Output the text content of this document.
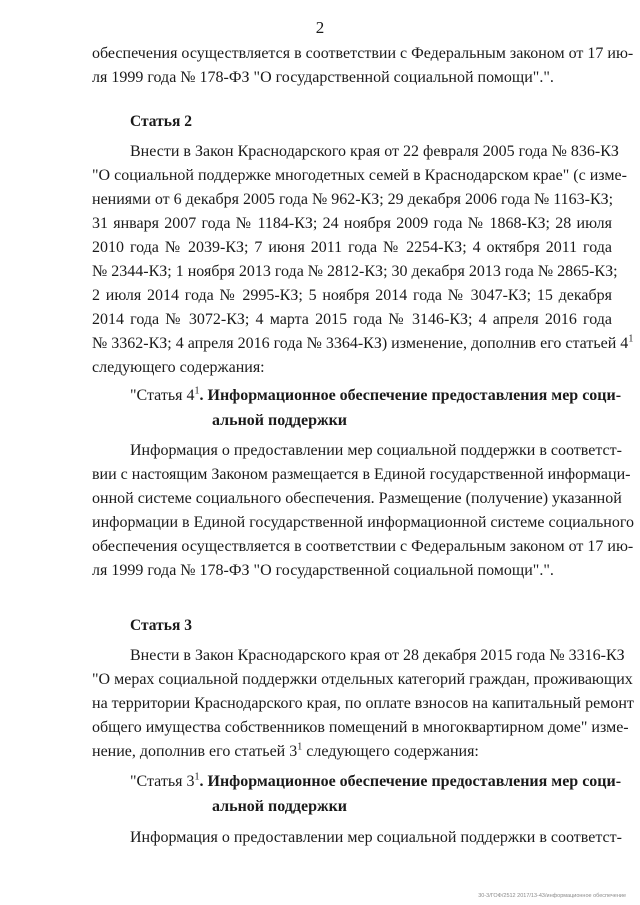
2
обеспечения осуществляется в соответствии с Федеральным законом от 17 ию-
ля 1999 года № 178-ФЗ "О государственной социальной помощи".".
Статья 2
Внести в Закон Краснодарского края от 22 февраля 2005 года № 836-КЗ
"О социальной поддержке многодетных семей в Краснодарском крае" (с изме-
нениями от 6 декабря 2005 года № 962-КЗ; 29 декабря 2006 года № 1163-КЗ;
31 января 2007 года № 1184-КЗ; 24 ноября 2009 года № 1868-КЗ; 28 июля
2010 года № 2039-КЗ; 7 июня 2011 года № 2254-КЗ; 4 октября 2011 года
№ 2344-КЗ; 1 ноября 2013 года № 2812-КЗ; 30 декабря 2013 года № 2865-КЗ;
2 июля 2014 года № 2995-КЗ; 5 ноября 2014 года № 3047-КЗ; 15 декабря
2014 года № 3072-КЗ; 4 марта 2015 года № 3146-КЗ; 4 апреля 2016 года
№ 3362-КЗ; 4 апреля 2016 года № 3364-КЗ) изменение, дополнив его статьей $4^1$
следующего содержания:
"Статья $4^1$. Информационное обеспечение предоставления мер соци-
альной поддержки
Информация о предоставлении мер социальной поддержки в соответст-
вии с настоящим Законом размещается в Единой государственной информаци-
онной системе социального обеспечения. Размещение (получение) указанной
информации в Единой государственной информационной системе социального
обеспечения осуществляется в соответствии с Федеральным законом от 17 ию-
ля 1999 года № 178-ФЗ "О государственной социальной помощи".".
Статья 3
Внести в Закон Краснодарского края от 28 декабря 2015 года № 3316-КЗ
"О мерах социальной поддержки отдельных категорий граждан, проживающих
на территории Краснодарского края, по оплате взносов на капитальный ремонт
общего имущества собственников помещений в многоквартирном доме" изме-
нение, дополнив его статьей $3^1$ следующего содержания:
"Статья $3^1$. Информационное обеспечение предоставления мер соци-
альной поддержки
Информация о предоставлении мер социальной поддержки в соответст-
30-3/ГОФ/2512 2017/13-43/информационное обеспечение
